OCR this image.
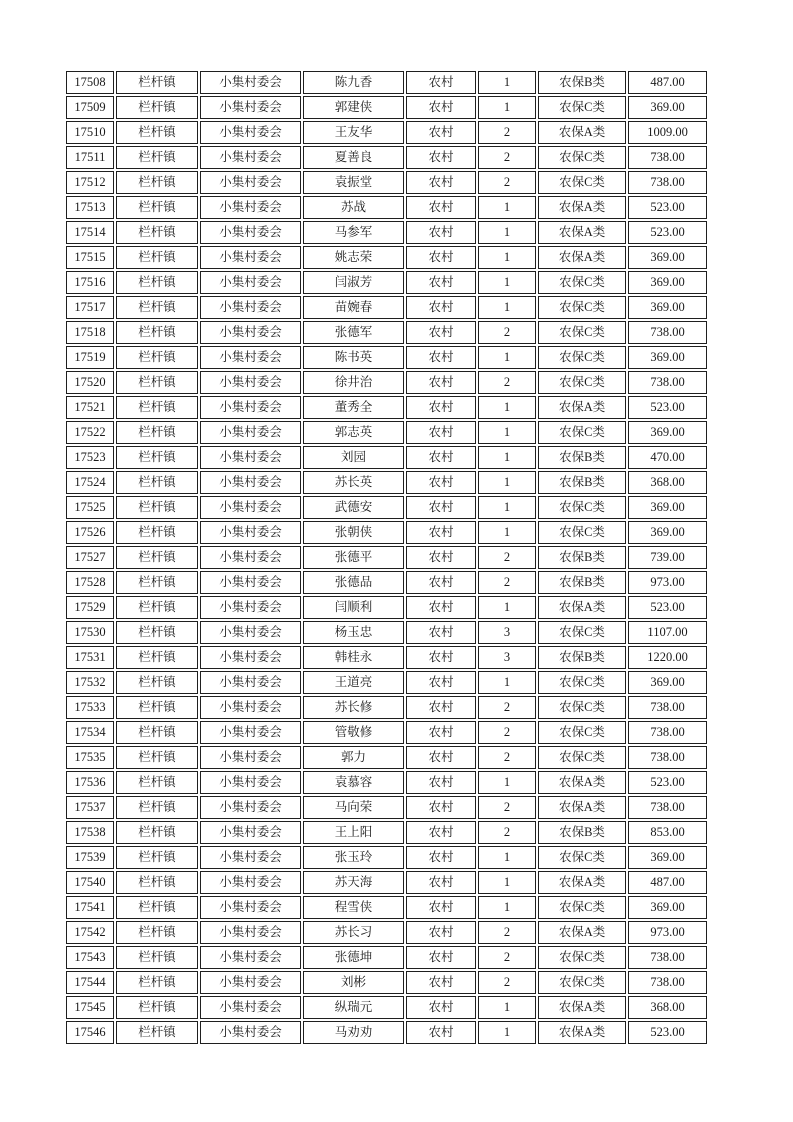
17508	栏杆镇	小集村委会	陈九香	农村	1	农保B类	487.00
17509	栏杆镇	小集村委会	郭建侠	农村	1	农保C类	369.00
17510	栏杆镇	小集村委会	王友华	农村	2	农保A类	1009.00
17511	栏杆镇	小集村委会	夏善良	农村	2	农保C类	738.00
17512	栏杆镇	小集村委会	袁振堂	农村	2	农保C类	738.00
17513	栏杆镇	小集村委会	苏战	农村	1	农保A类	523.00
17514	栏杆镇	小集村委会	马参军	农村	1	农保A类	523.00
17515	栏杆镇	小集村委会	姚志荣	农村	1	农保A类	369.00
17516	栏杆镇	小集村委会	闫淑芳	农村	1	农保C类	369.00
17517	栏杆镇	小集村委会	苗婉春	农村	1	农保C类	369.00
17518	栏杆镇	小集村委会	张德军	农村	2	农保C类	738.00
17519	栏杆镇	小集村委会	陈书英	农村	1	农保C类	369.00
17520	栏杆镇	小集村委会	徐井治	农村	2	农保C类	738.00
17521	栏杆镇	小集村委会	董秀全	农村	1	农保A类	523.00
17522	栏杆镇	小集村委会	郭志英	农村	1	农保C类	369.00
17523	栏杆镇	小集村委会	刘园	农村	1	农保B类	470.00
17524	栏杆镇	小集村委会	苏长英	农村	1	农保B类	368.00
17525	栏杆镇	小集村委会	武德安	农村	1	农保C类	369.00
17526	栏杆镇	小集村委会	张朝侠	农村	1	农保C类	369.00
17527	栏杆镇	小集村委会	张德平	农村	2	农保B类	739.00
17528	栏杆镇	小集村委会	张德品	农村	2	农保B类	973.00
17529	栏杆镇	小集村委会	闫顺利	农村	1	农保A类	523.00
17530	栏杆镇	小集村委会	杨玉忠	农村	3	农保C类	1107.00
17531	栏杆镇	小集村委会	韩桂永	农村	3	农保B类	1220.00
17532	栏杆镇	小集村委会	王道亮	农村	1	农保C类	369.00
17533	栏杆镇	小集村委会	苏长修	农村	2	农保C类	738.00
17534	栏杆镇	小集村委会	管敬修	农村	2	农保C类	738.00
17535	栏杆镇	小集村委会	郭力	农村	2	农保C类	738.00
17536	栏杆镇	小集村委会	袁慕容	农村	1	农保A类	523.00
17537	栏杆镇	小集村委会	马向荣	农村	2	农保A类	738.00
17538	栏杆镇	小集村委会	王上阳	农村	2	农保B类	853.00
17539	栏杆镇	小集村委会	张玉玲	农村	1	农保C类	369.00
17540	栏杆镇	小集村委会	苏天海	农村	1	农保A类	487.00
17541	栏杆镇	小集村委会	程雪侠	农村	1	农保C类	369.00
17542	栏杆镇	小集村委会	苏长习	农村	2	农保A类	973.00
17543	栏杆镇	小集村委会	张德坤	农村	2	农保C类	738.00
17544	栏杆镇	小集村委会	刘彬	农村	2	农保C类	738.00
17545	栏杆镇	小集村委会	纵瑞元	农村	1	农保A类	368.00
17546	栏杆镇	小集村委会	马劝劝	农村	1	农保A类	523.00
